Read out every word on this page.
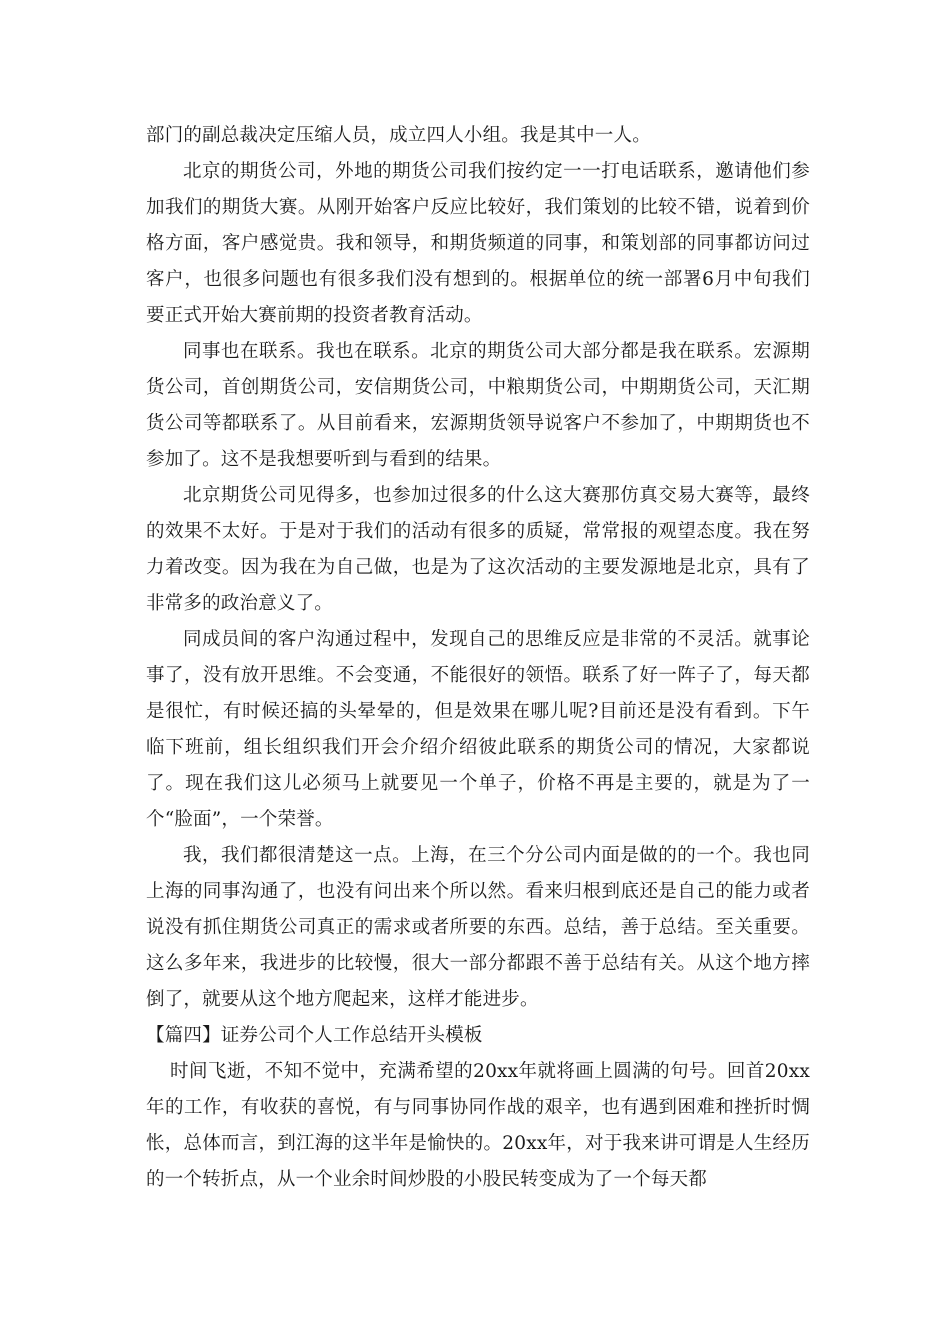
部门的副总裁决定压缩人员，成立四人小组。我是其中一人。

北京的期货公司，外地的期货公司我们按约定一一打电话联系，邀请他们参加我们的期货大赛。从刚开始客户反应比较好，我们策划的比较不错，说着到价格方面，客户感觉贵。我和领导，和期货频道的同事，和策划部的同事都访问过客户，也很多问题也有很多我们没有想到的。根据单位的统一部署6月中旬我们要正式开始大赛前期的投资者教育活动。

同事也在联系。我也在联系。北京的期货公司大部分都是我在联系。宏源期货公司，首创期货公司，安信期货公司，中粮期货公司，中期期货公司，天汇期货公司等都联系了。从目前看来，宏源期货领导说客户不参加了，中期期货也不参加了。这不是我想要听到与看到的结果。

北京期货公司见得多，也参加过很多的什么这大赛那仿真交易大赛等，最终的效果不太好。于是对于我们的活动有很多的质疑，常常报的观望态度。我在努力着改变。因为我在为自己做，也是为了这次活动的主要发源地是北京，具有了非常多的政治意义了。

同成员间的客户沟通过程中，发现自己的思维反应是非常的不灵活。就事论事了，没有放开思维。不会变通，不能很好的领悟。联系了好一阵子了，每天都是很忙，有时候还搞的头晕晕的，但是效果在哪儿呢?目前还是没有看到。下午临下班前，组长组织我们开会介绍介绍彼此联系的期货公司的情况，大家都说了。现在我们这儿必须马上就要见一个单子，价格不再是主要的，就是为了一个“脸面”，一个荣誉。

我，我们都很清楚这一点。上海，在三个分公司内面是做的的一个。我也同上海的同事沟通了，也没有问出来个所以然。看来归根到底还是自己的能力或者说没有抓住期货公司真正的需求或者所要的东西。总结，善于总结。至关重要。这么多年来，我进步的比较慢，很大一部分都跟不善于总结有关。从这个地方摔倒了，就要从这个地方爬起来，这样才能进步。

【篇四】证券公司个人工作总结开头模板

时间飞逝，不知不觉中，充满希望的20xx年就将画上圆满的句号。回首20xx年的工作，有收获的喜悦，有与同事协同作战的艰辛，也有遇到困难和挫折时惆怅，总体而言，到江海的这半年是愉快的。20xx年，对于我来讲可谓是人生经历的一个转折点，从一个业余时间炒股的小股民转变成为了一个每天都
